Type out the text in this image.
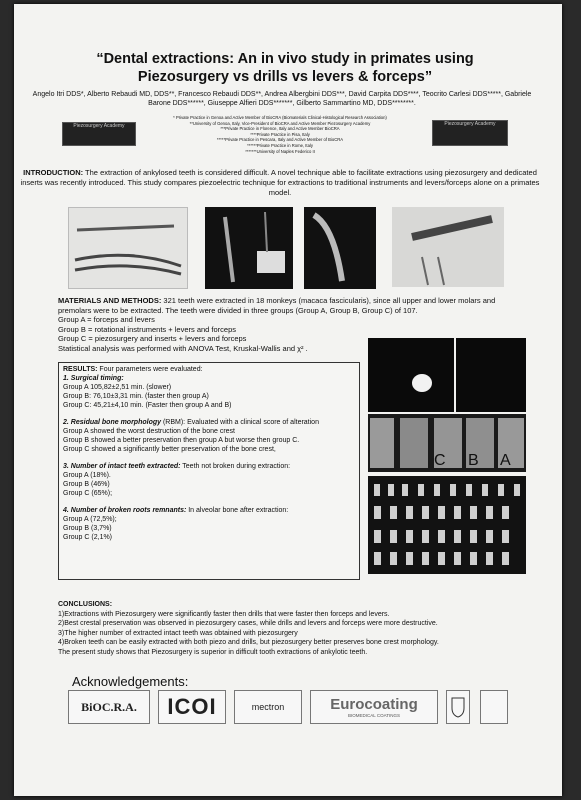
“Dental extractions: An in vivo study in primates using Piezosurgery vs drills vs levers & forceps”
Angelo Itri DDS*, Alberto Rebaudi MD, DDS**, Francesco Rebaudi DDS**, Andrea Albergbini DDS***, David Carpita DDS****, Teocrito Carlesi DDS*****, Gabriele Barone DDS******, Giuseppe Alfieri DDS*******, Gilberto Sammartino MD, DDS********.
Piezosurgery Academy	Piezosurgery Academy
* Private Practice in Genoa and Active Member of BioCRA (Biomaterials Clinical-Histological Research Association)
**University of Genoa, Italy, Vice-President of BioCRA and Active Member Piezosurgery Academy
***Private Practice in Florence, Italy and Active Member BioCRA
****Private Practice in Pisa, Italy
*****Private Practice in Pescara, Italy and Active Member of BioCRA
******Private Practice in Rome, Italy
*******University of Naples Federico II
INTRODUCTION: The extraction of ankylosed teeth is considered difficult. A novel technique able to facilitate extractions using piezosurgery and dedicated inserts was recently introduced. This study compares piezoelectric technique for extractions to traditional instruments and levers/forceps alone on a primates model.
MATERIALS AND METHODS: 321 teeth were extracted in 18 monkeys (macaca fascicularis), since all upper and lower molars and premolars were to be extracted. The teeth were divided in three groups (Group A, Group B, Group C) of 107.
Group A = forceps and levers
Group B = rotational instruments + levers and forceps
Group C = piezosurgery and inserts + levers and forceps
Statistical analysis was performed with ANOVA Test, Kruskal-Wallis and χ² .

RESULTS: Four parameters were evaluated:

1. Surgical timing:

Group A 105,82±2,51 min. (slower)

Group B: 76,10±3,31 min. (faster then group A)

Group C: 45,21±4,10 min. (Faster then group A and B)

2. Residual bone morphology (RBM): Evaluated with a clinical score of alteration

Group A showed the worst destruction of the bone crest

Group B showed a better preservation then group A but worse then group C.

Group C showed a significantly better preservation of the bone crest,

3. Number of intact teeth extracted: Teeth not broken during extraction:

Group A (18%).

Group B (46%)

Group C (65%);

4. Number of broken roots remnants: In alveolar bone after extraction:

Group A (72,5%);

Group B (3,7%)

Group C (2,1%)

C B A
CONCLUSIONS:
1)Extractions with Piezosurgery were significantly faster then drills that were faster then forceps and levers.
2)Best crestal preservation was observed in piezosurgery cases, while drills and levers and forceps were more destructive.
3)The higher number of extracted intact teeth was obtained with piezosurgery
4)Broken teeth can be easily extracted with both piezo and drills, but piezosurgery better preserves bone crest morphology.
The present study shows that Piezosurgery is superior in difficult tooth extractions of ankylotic teeth.
Acknowledgements:
BiOC.R.A. ICOI	mectron	Eurocoating
BIOMEDICAL COATINGS
